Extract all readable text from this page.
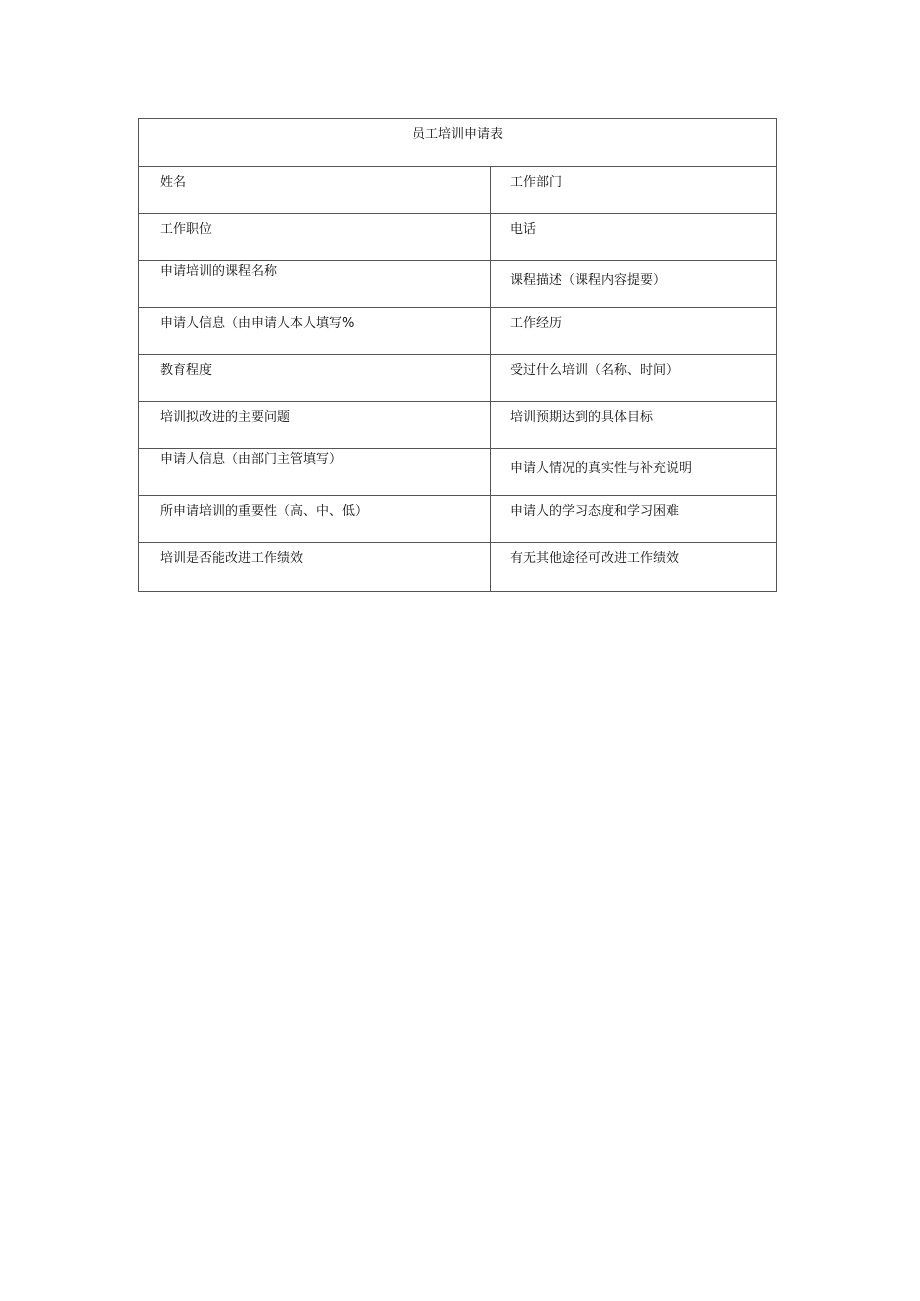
员工培训申请表	

姓名	工作部门

工作职位	电话

申请培训的课程名称	课程描述（课程内容提要）

申请人信息（由申请人本人填写%	工作经历

教育程度	受过什么培训（名称、时间）

培训拟改进的主要问题	培训预期达到的具体目标

申请人信息（由部门主管填写）	申请人情况的真实性与补充说明

所申请培训的重要性（高、中、低）	申请人的学习态度和学习困难

培训是否能改进工作绩效	有无其他途径可改进工作绩效
